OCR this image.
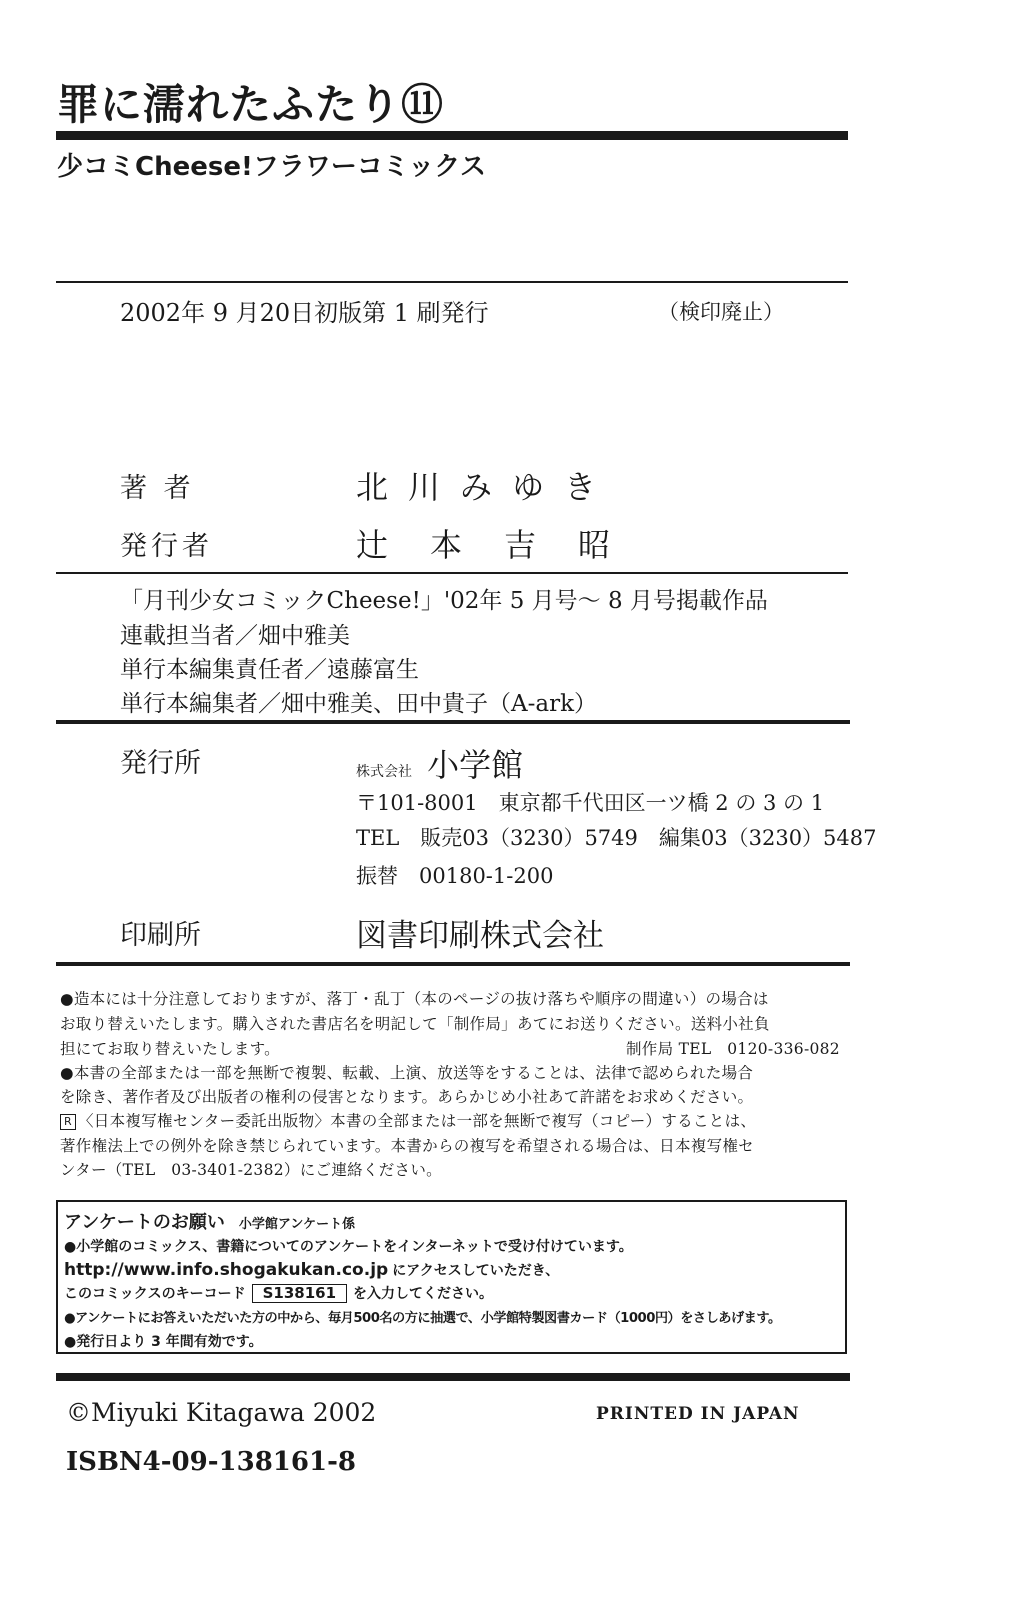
罪に濡れたふたり⑪
少コミCheese!フラワーコミックス
2002年 9 月20日初版第 1 刷発行	（検印廃止）
著 者	北川みゆき
発行者	辻本吉昭
「月刊少女コミックCheese!」'02年 5 月号～ 8 月号掲載作品
連載担当者／畑中雅美
単行本編集責任者／遠藤富生
単行本編集者／畑中雅美、田中貴子（A-ark）
発行所	株式会社 小学館
〒101-8001　東京都千代田区一ツ橋 2 の 3 の 1
TEL　販売03（3230）5749　編集03（3230）5487
振替　00180-1-200
印刷所	図書印刷株式会社
●造本には十分注意しておりますが、落丁・乱丁（本のページの抜け落ちや順序の間違い）の場合は
お取り替えいたします。購入された書店名を明記して「制作局」あてにお送りください。送料小社負
担にてお取り替えいたします。	制作局 TEL　0120-336-082
●本書の全部または一部を無断で複製、転載、上演、放送等をすることは、法律で認められた場合
を除き、著作者及び出版者の権利の侵害となります。あらかじめ小社あて許諾をお求めください。
R 〈日本複写権センター委託出版物〉本書の全部または一部を無断で複写（コピー）することは、
著作権法上での例外を除き禁じられています。本書からの複写を希望される場合は、日本複写権セ
ンター（TEL　03-3401-2382）にご連絡ください。
アンケートのお願い 小学館アンケート係
●小学館のコミックス、書籍についてのアンケートをインターネットで受け付けています。
http://www.info.shogakukan.co.jp にアクセスしていただき、
このコミックスのキーコード S138161 を入力してください。
●アンケートにお答えいただいた方の中から、毎月500名の方に抽選で、小学館特製図書カード（1000円）をさしあげます。
●発行日より 3 年間有効です。
©Miyuki Kitagawa 2002	PRINTED IN JAPAN
ISBN4-09-138161-8
